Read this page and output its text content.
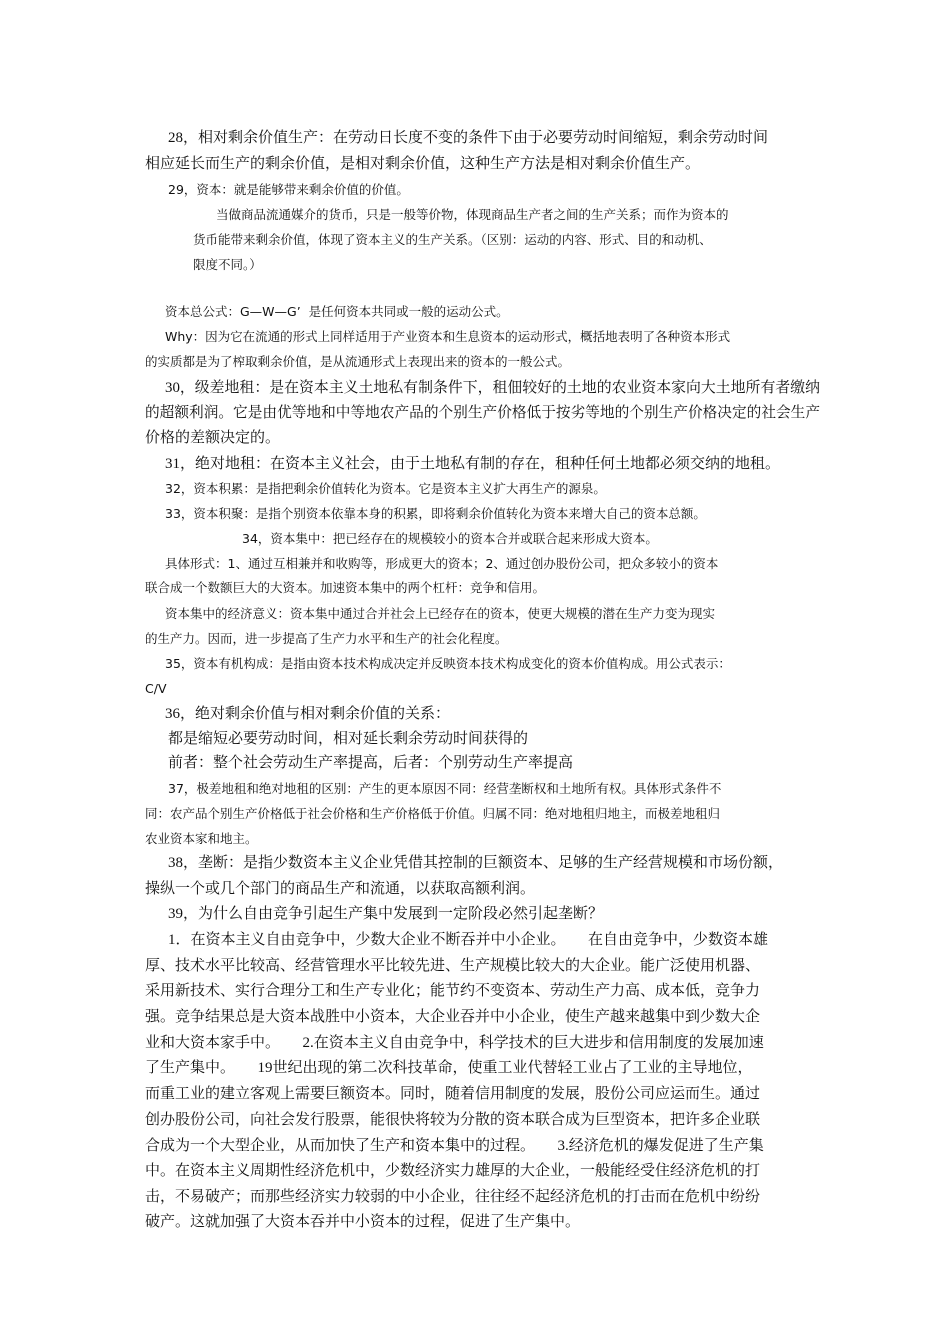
28，相对剩余价值生产：在劳动日长度不变的条件下由于必要劳动时间缩短，剩余劳动时间

相应延长而生产的剩余价值，是相对剩余价值，这种生产方法是相对剩余价值生产。

29，资本：就是能够带来剩余价值的价值。

当做商品流通媒介的货币，只是一般等价物，体现商品生产者之间的生产关系；而作为资本的

货币能带来剩余价值，体现了资本主义的生产关系。（区别：运动的内容、形式、目的和动机、

限度不同。）

资本总公式：G—W—G’  是任何资本共同或一般的运动公式。

Why：因为它在流通的形式上同样适用于产业资本和生息资本的运动形式，概括地表明了各种资本形式

的实质都是为了榨取剩余价值，是从流通形式上表现出来的资本的一般公式。

30，级差地租：是在资本主义土地私有制条件下，租佃较好的土地的农业资本家向大土地所有者缴纳

的超额利润。它是由优等地和中等地农产品的个别生产价格低于按劣等地的个别生产价格决定的社会生产

价格的差额决定的。

31，绝对地租：在资本主义社会，由于土地私有制的存在，租种任何土地都必须交纳的地租。

32，资本积累：是指把剩余价值转化为资本。它是资本主义扩大再生产的源泉。

33，资本积聚：是指个别资本依靠本身的积累，即将剩余价值转化为资本来增大自己的资本总额。

34，资本集中：把已经存在的规模较小的资本合并或联合起来形成大资本。

具体形式：1、通过互相兼并和收购等，形成更大的资本；2、通过创办股份公司，把众多较小的资本

联合成一个数额巨大的大资本。加速资本集中的两个杠杆：竞争和信用。

资本集中的经济意义：资本集中通过合并社会上已经存在的资本，使更大规模的潜在生产力变为现实

的生产力。因而，进一步提高了生产力水平和生产的社会化程度。

35，资本有机构成：是指由资本技术构成决定并反映资本技术构成变化的资本价值构成。用公式表示：

C/V

36，绝对剩余价值与相对剩余价值的关系：

都是缩短必要劳动时间，相对延长剩余劳动时间获得的

前者：整个社会劳动生产率提高，后者：个别劳动生产率提高

37，极差地租和绝对地租的区别：产生的更本原因不同：经营垄断权和土地所有权。具体形式条件不

同：农产品个别生产价格低于社会价格和生产价格低于价值。归属不同：绝对地租归地主，而极差地租归

农业资本家和地主。

38，垄断：是指少数资本主义企业凭借其控制的巨额资本、足够的生产经营规模和市场份额，

操纵一个或几个部门的商品生产和流通，以获取高额利润。

39，为什么自由竞争引起生产集中发展到一定阶段必然引起垄断？

1．在资本主义自由竞争中，少数大企业不断吞并中小企业。      在自由竞争中，少数资本雄

厚、技术水平比较高、经营管理水平比较先进、生产规模比较大的大企业。能广泛使用机器、

采用新技术、实行合理分工和生产专业化；能节约不变资本、劳动生产力高、成本低，竞争力

强。竞争结果总是大资本战胜中小资本，大企业吞并中小企业，使生产越来越集中到少数大企

业和大资本家手中。      2.在资本主义自由竞争中，科学技术的巨大进步和信用制度的发展加速

了生产集中。      19世纪出现的第二次科技革命，使重工业代替轻工业占了工业的主导地位，

而重工业的建立客观上需要巨额资本。同时，随着信用制度的发展，股份公司应运而生。通过

创办股份公司，向社会发行股票，能很快将较为分散的资本联合成为巨型资本，把许多企业联

合成为一个大型企业，从而加快了生产和资本集中的过程。      3.经济危机的爆发促进了生产集

中。在资本主义周期性经济危机中，少数经济实力雄厚的大企业，一般能经受住经济危机的打

击，不易破产；而那些经济实力较弱的中小企业，往往经不起经济危机的打击而在危机中纷纷

破产。这就加强了大资本吞并中小资本的过程，促进了生产集中。
